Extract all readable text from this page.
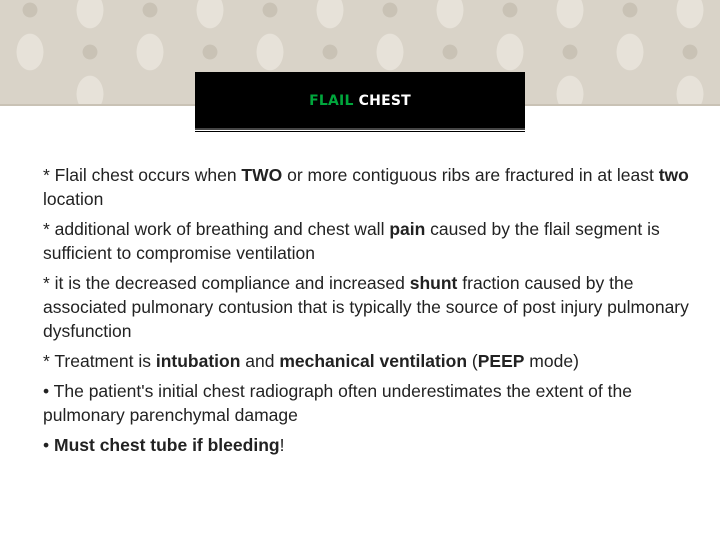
FLAIL CHEST

* Flail chest occurs when TWO or more contiguous ribs are fractured in at least two location

* additional work of breathing and chest wall pain caused by the flail segment is sufficient to compromise ventilation

* it is the decreased compliance and increased shunt fraction caused by the associated pulmonary contusion that is typically the source of post injury pulmonary dysfunction

* Treatment is intubation and mechanical ventilation (PEEP mode)

• The patient's initial chest radiograph often underestimates the extent of the pulmonary parenchymal damage

• Must chest tube if bleeding!
